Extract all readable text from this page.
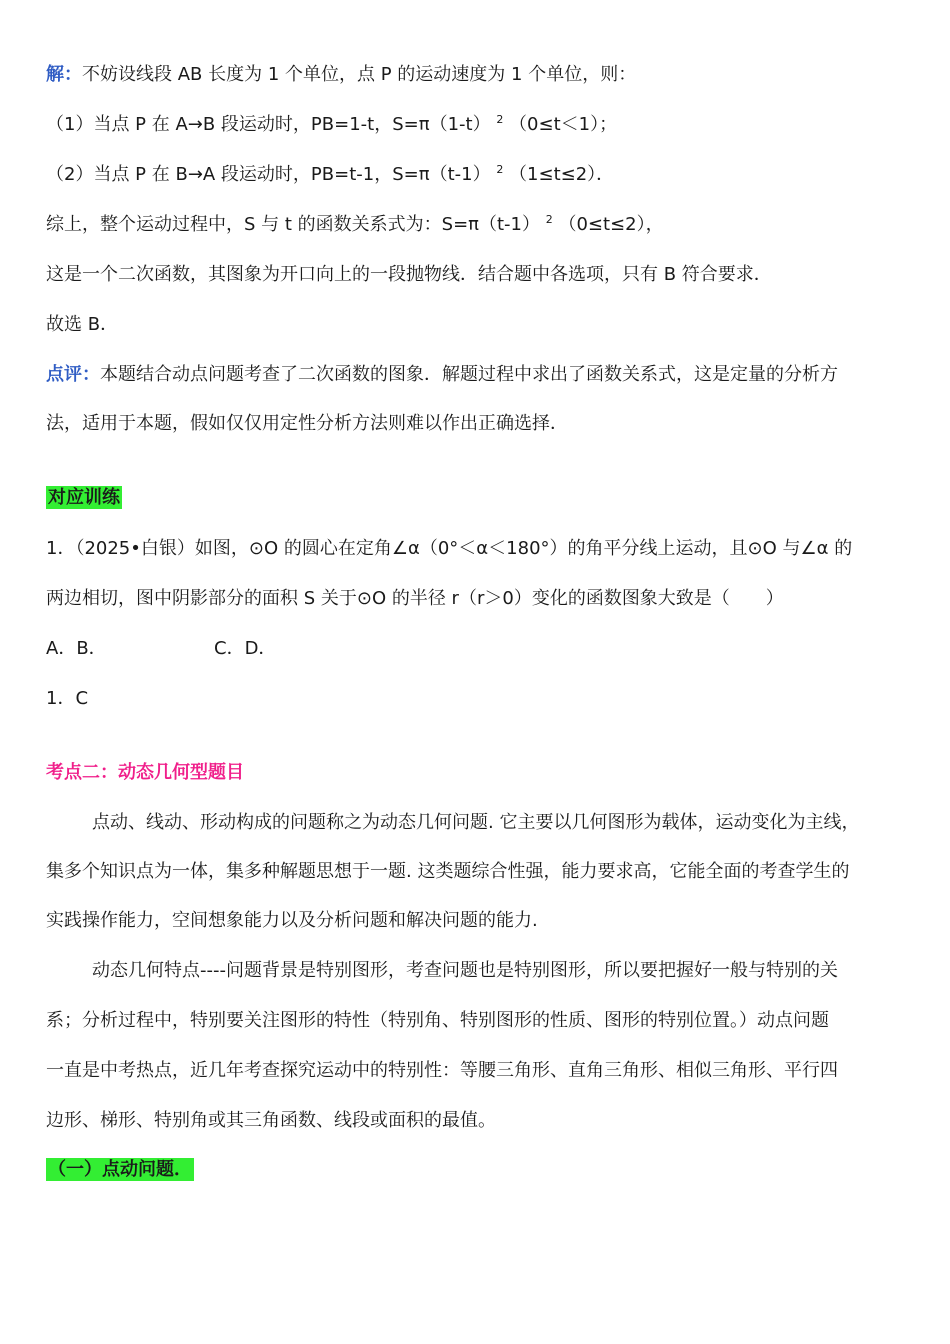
解：不妨设线段 AB 长度为 1 个单位，点 P 的运动速度为 1 个单位，则：
（1）当点 P 在 A→B 段运动时，PB=1-t，S=π（1-t） $^2$ （0≤t＜1）；
（2）当点 P 在 B→A 段运动时，PB=t-1，S=π（t-1） $^2$ （1≤t≤2）．
综上，整个运动过程中，S 与 t 的函数关系式为：S=π（t-1） $^2$ （0≤t≤2），
这是一个二次函数，其图象为开口向上的一段抛物线．结合题中各选项，只有 B 符合要求．
故选 B．
点评：本题结合动点问题考查了二次函数的图象．解题过程中求出了函数关系式，这是定量的分析方
法，适用于本题，假如仅仅用定性分析方法则难以作出正确选择．
对应训练
1．（2025•白银）如图，⊙O 的圆心在定角∠α（0°＜α＜180°）的角平分线上运动，且⊙O 与∠α 的
两边相切，图中阴影部分的面积 S 关于⊙O 的半径 r（r＞0）变化的函数图象大致是（　　）
A．B．	C．D．
1．C
考点二：动态几何型题目
点动、线动、形动构成的问题称之为动态几何问题. 它主要以几何图形为载体，运动变化为主线，
集多个知识点为一体，集多种解题思想于一题. 这类题综合性强，能力要求高，它能全面的考查学生的
实践操作能力，空间想象能力以及分析问题和解决问题的能力.
动态几何特点----问题背景是特别图形，考查问题也是特别图形，所以要把握好一般与特别的关
系；分析过程中，特别要关注图形的特性（特别角、特别图形的性质、图形的特别位置。）动点问题
一直是中考热点，近几年考查探究运动中的特别性：等腰三角形、直角三角形、相似三角形、平行四
边形、梯形、特别角或其三角函数、线段或面积的最值。
（一）点动问题．
